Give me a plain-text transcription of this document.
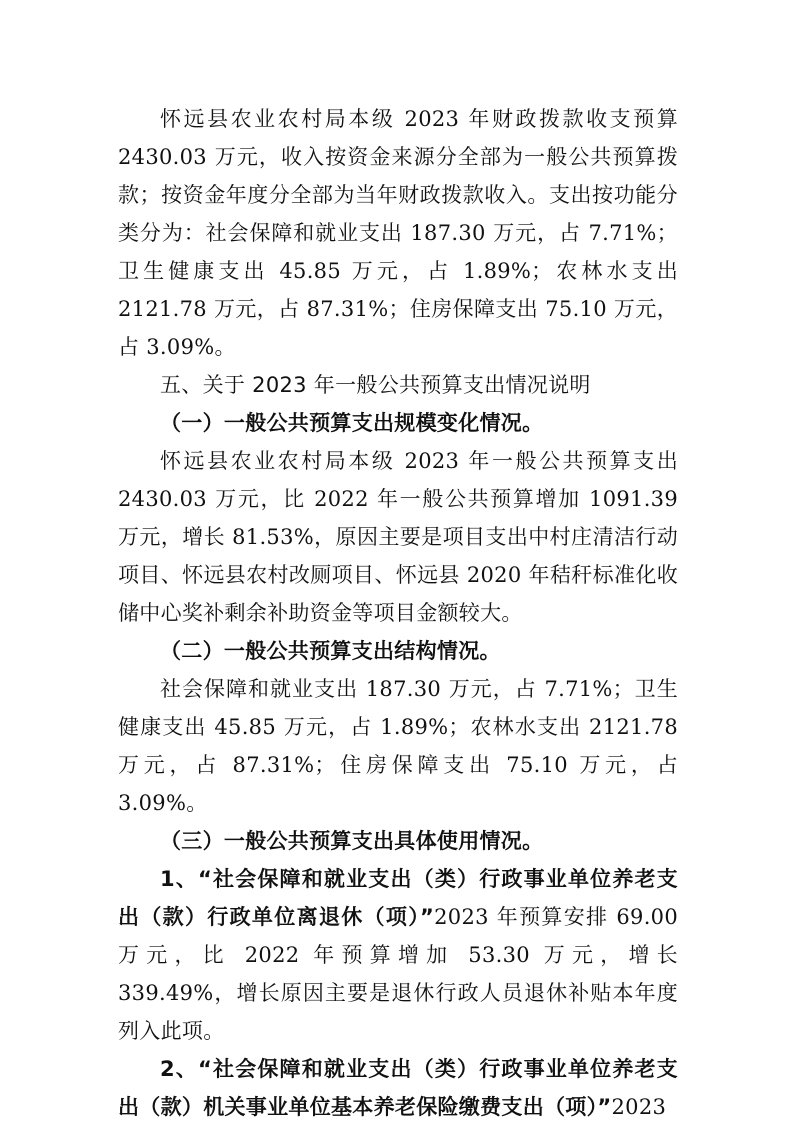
怀远县农业农村局本级 2023 年财政拨款收支预算 2430.03 万元，收入按资金来源分全部为一般公共预算拨款；按资金年度分全部为当年财政拨款收入。支出按功能分类分为：社会保障和就业支出 187.30 万元，占 7.71%；卫生健康支出 45.85 万元，占 1.89%；农林水支出 2121.78 万元，占 87.31%；住房保障支出 75.10 万元，占 3.09%。

五、关于 2023 年一般公共预算支出情况说明

（一）一般公共预算支出规模变化情况。

怀远县农业农村局本级 2023 年一般公共预算支出 2430.03 万元，比 2022 年一般公共预算增加 1091.39 万元，增长 81.53%，原因主要是项目支出中村庄清洁行动项目、怀远县农村改厕项目、怀远县 2020 年秸秆标准化收储中心奖补剩余补助资金等项目金额较大。

（二）一般公共预算支出结构情况。

社会保障和就业支出 187.30 万元，占 7.71%；卫生健康支出 45.85 万元，占 1.89%；农林水支出 2121.78 万元，占 87.31%；住房保障支出 75.10 万元，占 3.09%。

（三）一般公共预算支出具体使用情况。

1、“社会保障和就业支出（类）行政事业单位养老支出（款）行政单位离退休（项）”2023 年预算安排 69.00 万元，比 2022 年预算增加 53.30 万元，增长 339.49%，增长原因主要是退休行政人员退休补贴本年度列入此项。

2、“社会保障和就业支出（类）行政事业单位养老支出（款）机关事业单位基本养老保险缴费支出（项）”2023
